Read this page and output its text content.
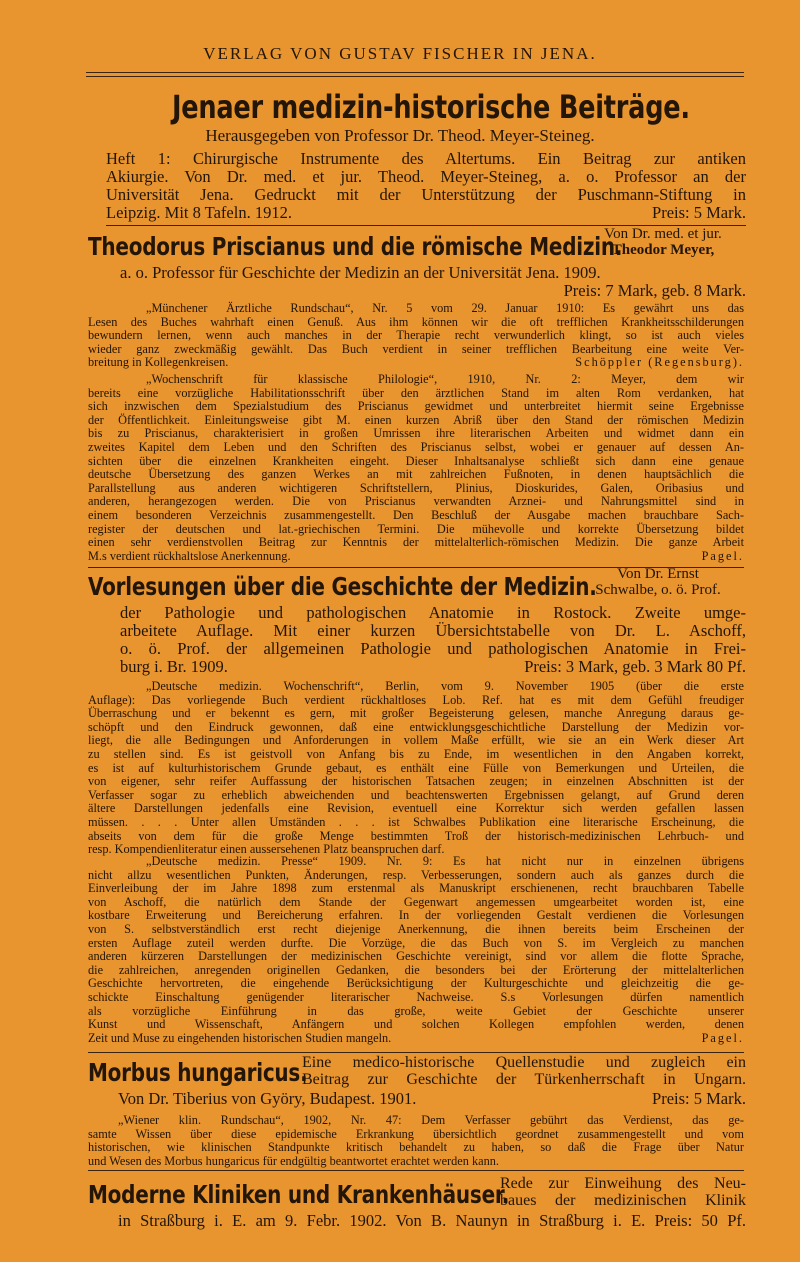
VERLAG VON GUSTAV FISCHER IN JENA.
Jenaer medizin-historische Beiträge.
Herausgegeben von Professor Dr. Theod. Meyer-Steineg.
Heft 1: Chirurgische Instrumente des Altertums. Ein Beitrag zur antiken
Akiurgie. Von Dr. med. et jur. Theod. Meyer-Steineg, a. o. Professor an der
Universität Jena. Gedruckt mit der Unterstützung der Puschmann-Stiftung in
Leipzig. Mit 8 Tafeln. 1912.	Preis: 5 Mark.
Theodorus Priscianus und die römische Medizin.
Von Dr. med. et jur.
Theodor Meyer,
a. o. Professor für Geschichte der Medizin an der Universität Jena. 1909.
Preis: 7 Mark, geb. 8 Mark.
„Münchener Ärztliche Rundschau“, Nr. 5 vom 29. Januar 1910: Es gewährt uns das
Lesen des Buches wahrhaft einen Genuß. Aus ihm können wir die oft trefflichen Krankheitsschilderungen
bewundern lernen, wenn auch manches in der Therapie recht verwunderlich klingt, so ist auch vieles
wieder ganz zweckmäßig gewählt. Das Buch verdient in seiner trefflichen Bearbeitung eine weite Ver-
breitung in Kollegenkreisen.	Schöppler (Regensburg).
„Wochenschrift für klassische Philologie“, 1910, Nr. 2: Meyer, dem wir
bereits eine vorzügliche Habilitationsschrift über den ärztlichen Stand im alten Rom verdanken, hat
sich inzwischen dem Spezialstudium des Priscianus gewidmet und unterbreitet hiermit seine Ergebnisse
der Öffentlichkeit. Einleitungsweise gibt M. einen kurzen Abriß über den Stand der römischen Medizin
bis zu Priscianus, charakterisiert in großen Umrissen ihre literarischen Arbeiten und widmet dann ein
zweites Kapitel dem Leben und den Schriften des Priscianus selbst, wobei er genauer auf dessen An-
sichten über die einzelnen Krankheiten eingeht. Dieser Inhaltsanalyse schließt sich dann eine genaue
deutsche Übersetzung des ganzen Werkes an mit zahlreichen Fußnoten, in denen hauptsächlich die
Parallstellung aus anderen wichtigeren Schriftstellern, Plinius, Dioskurides, Galen, Oribasius und
anderen, herangezogen werden. Die von Priscianus verwandten Arznei- und Nahrungsmittel sind in
einem besonderen Verzeichnis zusammengestellt. Den Beschluß der Ausgabe machen brauchbare Sach-
register der deutschen und lat.-griechischen Termini. Die mühevolle und korrekte Übersetzung bildet
einen sehr verdienstvollen Beitrag zur Kenntnis der mittelalterlich-römischen Medizin. Die ganze Arbeit
M.s verdient rückhaltslose Anerkennung.	Pagel.
Vorlesungen über die Geschichte der Medizin.	Von Dr. Ernst
Schwalbe, o. ö. Prof.
der Pathologie und pathologischen Anatomie in Rostock. Zweite umge-
arbeitete Auflage. Mit einer kurzen Übersichtstabelle von Dr. L. Aschoff,
o. ö. Prof. der allgemeinen Pathologie und pathologischen Anatomie in Frei-
burg i. Br. 1909.	Preis: 3 Mark, geb. 3 Mark 80 Pf.
„Deutsche medizin. Wochenschrift“, Berlin, vom 9. November 1905 (über die erste
Auflage): Das vorliegende Buch verdient rückhaltloses Lob. Ref. hat es mit dem Gefühl freudiger
Überraschung und er bekennt es gern, mit großer Begeisterung gelesen, manche Anregung daraus ge-
schöpft und den Eindruck gewonnen, daß eine entwicklungsgeschichtliche Darstellung der Medizin vor-
liegt, die alle Bedingungen und Anforderungen in vollem Maße erfüllt, wie sie an ein Werk dieser Art
zu stellen sind. Es ist geistvoll von Anfang bis zu Ende, im wesentlichen in den Angaben korrekt,
es ist auf kulturhistorischem Grunde gebaut, es enthält eine Fülle von Bemerkungen und Urteilen, die
von eigener, sehr reifer Auffassung der historischen Tatsachen zeugen; in einzelnen Abschnitten ist der
Verfasser sogar zu erheblich abweichenden und beachtenswerten Ergebnissen gelangt, auf Grund deren
ältere Darstellungen jedenfalls eine Revision, eventuell eine Korrektur sich werden gefallen lassen
müssen. . . . Unter allen Umständen . . . ist Schwalbes Publikation eine literarische Erscheinung, die
abseits von dem für die große Menge bestimmten Troß der historisch-medizinischen Lehrbuch- und
resp. Kompendienliteratur einen aussersehenen Platz beanspruchen darf.
„Deutsche medizin. Presse“ 1909. Nr. 9: Es hat nicht nur in einzelnen übrigens
nicht allzu wesentlichen Punkten, Änderungen, resp. Verbesserungen, sondern auch als ganzes durch die
Einverleibung der im Jahre 1898 zum erstenmal als Manuskript erschienenen, recht brauchbaren Tabelle
von Aschoff, die natürlich dem Stande der Gegenwart angemessen umgearbeitet worden ist, eine
kostbare Erweiterung und Bereicherung erfahren. In der vorliegenden Gestalt verdienen die Vorlesungen
von S. selbstverständlich erst recht diejenige Anerkennung, die ihnen bereits beim Erscheinen der
ersten Auflage zuteil werden durfte. Die Vorzüge, die das Buch von S. im Vergleich zu manchen
anderen kürzeren Darstellungen der medizinischen Geschichte vereinigt, sind vor allem die flotte Sprache,
die zahlreichen, anregenden originellen Gedanken, die besonders bei der Erörterung der mittelalterlichen
Geschichte hervortreten, die eingehende Berücksichtigung der Kulturgeschichte und gleichzeitig die ge-
schickte Einschaltung genügender literarischer Nachweise. S.s Vorlesungen dürfen namentlich
als vorzügliche Einführung in das große, weite Gebiet der Geschichte unserer
Kunst und Wissenschaft, Anfängern und solchen Kollegen empfohlen werden, denen
Zeit und Muse zu eingehenden historischen Studien mangeln.	Pagel.
Morbus hungaricus.
Eine medico-historische Quellenstudie und zugleich ein
Beitrag zur Geschichte der Türkenherrschaft in Ungarn.
Von Dr. Tiberius von Györy, Budapest. 1901.	Preis: 5 Mark.
„Wiener klin. Rundschau“, 1902, Nr. 47: Dem Verfasser gebührt das Verdienst, das ge-
samte Wissen über diese epidemische Erkrankung übersichtlich geordnet zusammengestellt und vom
historischen, wie klinischen Standpunkte kritisch behandelt zu haben, so daß die Frage über Natur
und Wesen des Morbus hungaricus für endgültig beantwortet erachtet werden kann.
Moderne Kliniken und Krankenhäuser.
Rede zur Einweihung des Neu-
baues der medizinischen Klinik
in Straßburg i. E. am 9. Febr. 1902. Von B. Naunyn in Straßburg i. E. Preis: 50 Pf.
